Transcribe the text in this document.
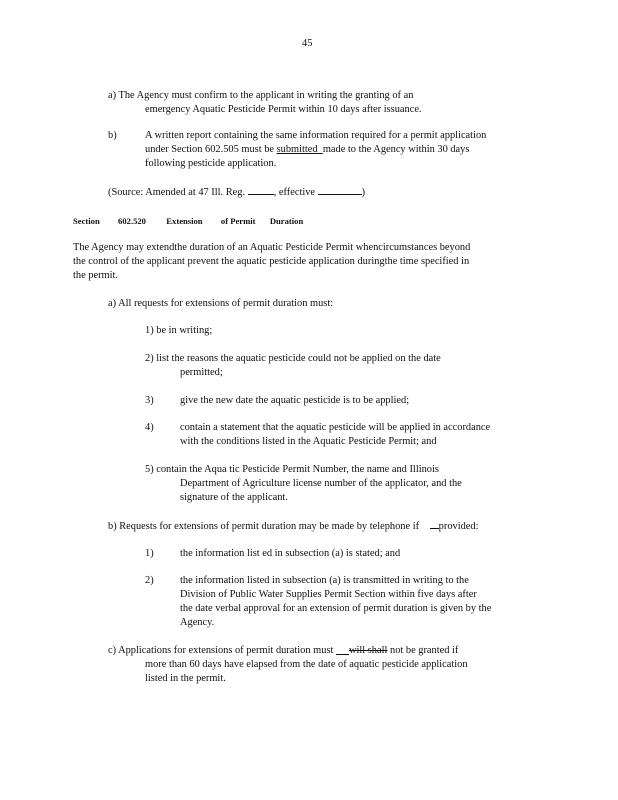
45
a) The Agency must confirm to the applicant in writing the granting of an
emergency Aquatic Pesticide Permit within 10 days after issuance.
b)	A written report containing the same information required for a permit application
under Section 602.505 must be submitted made to the Agency within 30 days
following pesticide application.
(Source: Amended at 47 Ill. Reg.	, effective	)
Section 602.520 Extension of Permit Duration
The Agency may extendthe duration of an Aquatic Pesticide Permit whencircumstances beyond
the control of the applicant prevent the aquatic pesticide application duringthe time specified in
the permit.
a) All requests for extensions of permit duration must:
1) be in writing;
2) list the reasons the aquatic pesticide could not be applied on the date
permitted;
3)	give the new date the aquatic pesticide is to be applied;
4)	contain a statement that the aquatic pesticide will be applied in accordance
with the conditions listed in the Aquatic Pesticide Permit; and
5) contain the Aqua tic Pesticide Permit Number, the name and Illinois
Department of Agriculture license number of the applicator, and the
signature of the applicant.
b) Requests for extensions of permit duration may be made by telephone if provided:
1)	the information list ed in subsection (a) is stated; and
2)	the information listed in subsection (a) is transmitted in writing to the
Division of Public Water Supplies Permit Section within five days after
the date verbal approval for an extension of permit duration is given by the
Agency.
c) Applications for extensions of permit duration must will shall not be granted if
more than 60 days have elapsed from the date of aquatic pesticide application
listed in the permit.
